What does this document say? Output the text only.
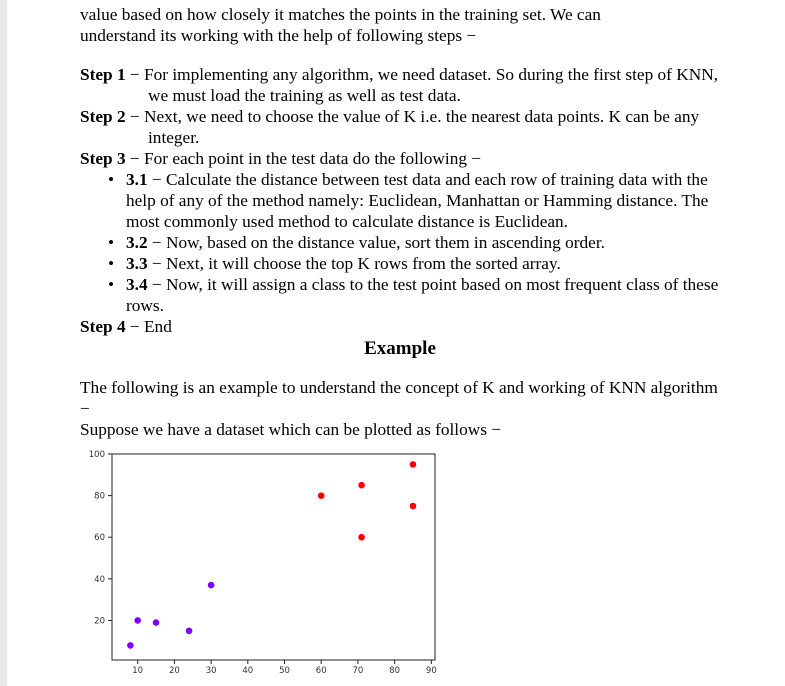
value based on how closely it matches the points in the training set. We can

understand its working with the help of following steps −

Step 1 − For implementing any algorithm, we need dataset. So during the first step of KNN, we must load the training as well as test data.

Step 2 − Next, we need to choose the value of K i.e. the nearest data points. K can be any integer.

Step 3 − For each point in the test data do the following −

• 3.1 − Calculate the distance between test data and each row of training data with the help of any of the method namely: Euclidean, Manhattan or Hamming distance. The most commonly used method to calculate distance is Euclidean.
• 3.2 − Now, based on the distance value, sort them in ascending order.
• 3.3 − Next, it will choose the top K rows from the sorted array.
• 3.4 − Now, it will assign a class to the test point based on most frequent class of these rows.

Step 4 − End

Example

The following is an example to understand the concept of K and working of KNN algorithm −

Suppose we have a dataset which can be plotted as follows −

20
40
60
80
100
10	20	30	40	50	60	70	80	90
